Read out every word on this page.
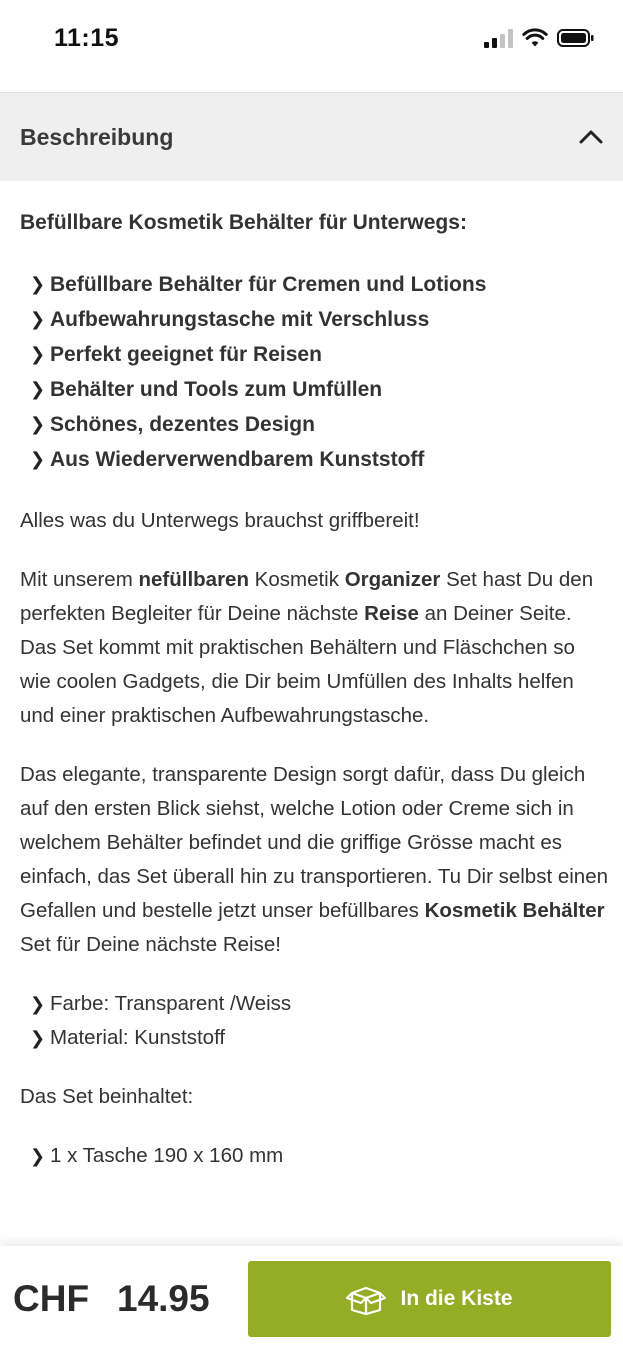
11:15
Beschreibung

Befüllbare Kosmetik Behälter für Unterwegs:

❯ Befüllbare Behälter für Cremen und Lotions
❯ Aufbewahrungstasche mit Verschluss
❯ Perfekt geeignet für Reisen
❯ Behälter und Tools zum Umfüllen
❯ Schönes, dezentes Design
❯ Aus Wiederverwendbarem Kunststoff

Alles was du Unterwegs brauchst griffbereit!

Mit unserem nefüllbaren Kosmetik Organizer Set hast Du den perfekten Begleiter für Deine nächste Reise an Deiner Seite. Das Set kommt mit praktischen Behältern und Fläschchen so wie coolen Gadgets, die Dir beim Umfüllen des Inhalts helfen und einer praktischen Aufbewahrungstasche.

Das elegante, transparente Design sorgt dafür, dass Du gleich auf den ersten Blick siehst, welche Lotion oder Creme sich in welchem Behälter befindet und die griffige Grösse macht es einfach, das Set überall hin zu transportieren. Tu Dir selbst einen Gefallen und bestelle jetzt unser befüllbares Kosmetik Behälter Set für Deine nächste Reise!

❯ Farbe: Transparent /Weiss
❯ Material: Kunststoff

Das Set beinhaltet:

❯ 1 x Tasche 190 x 160 mm
CHF 14.95	In die Kiste
